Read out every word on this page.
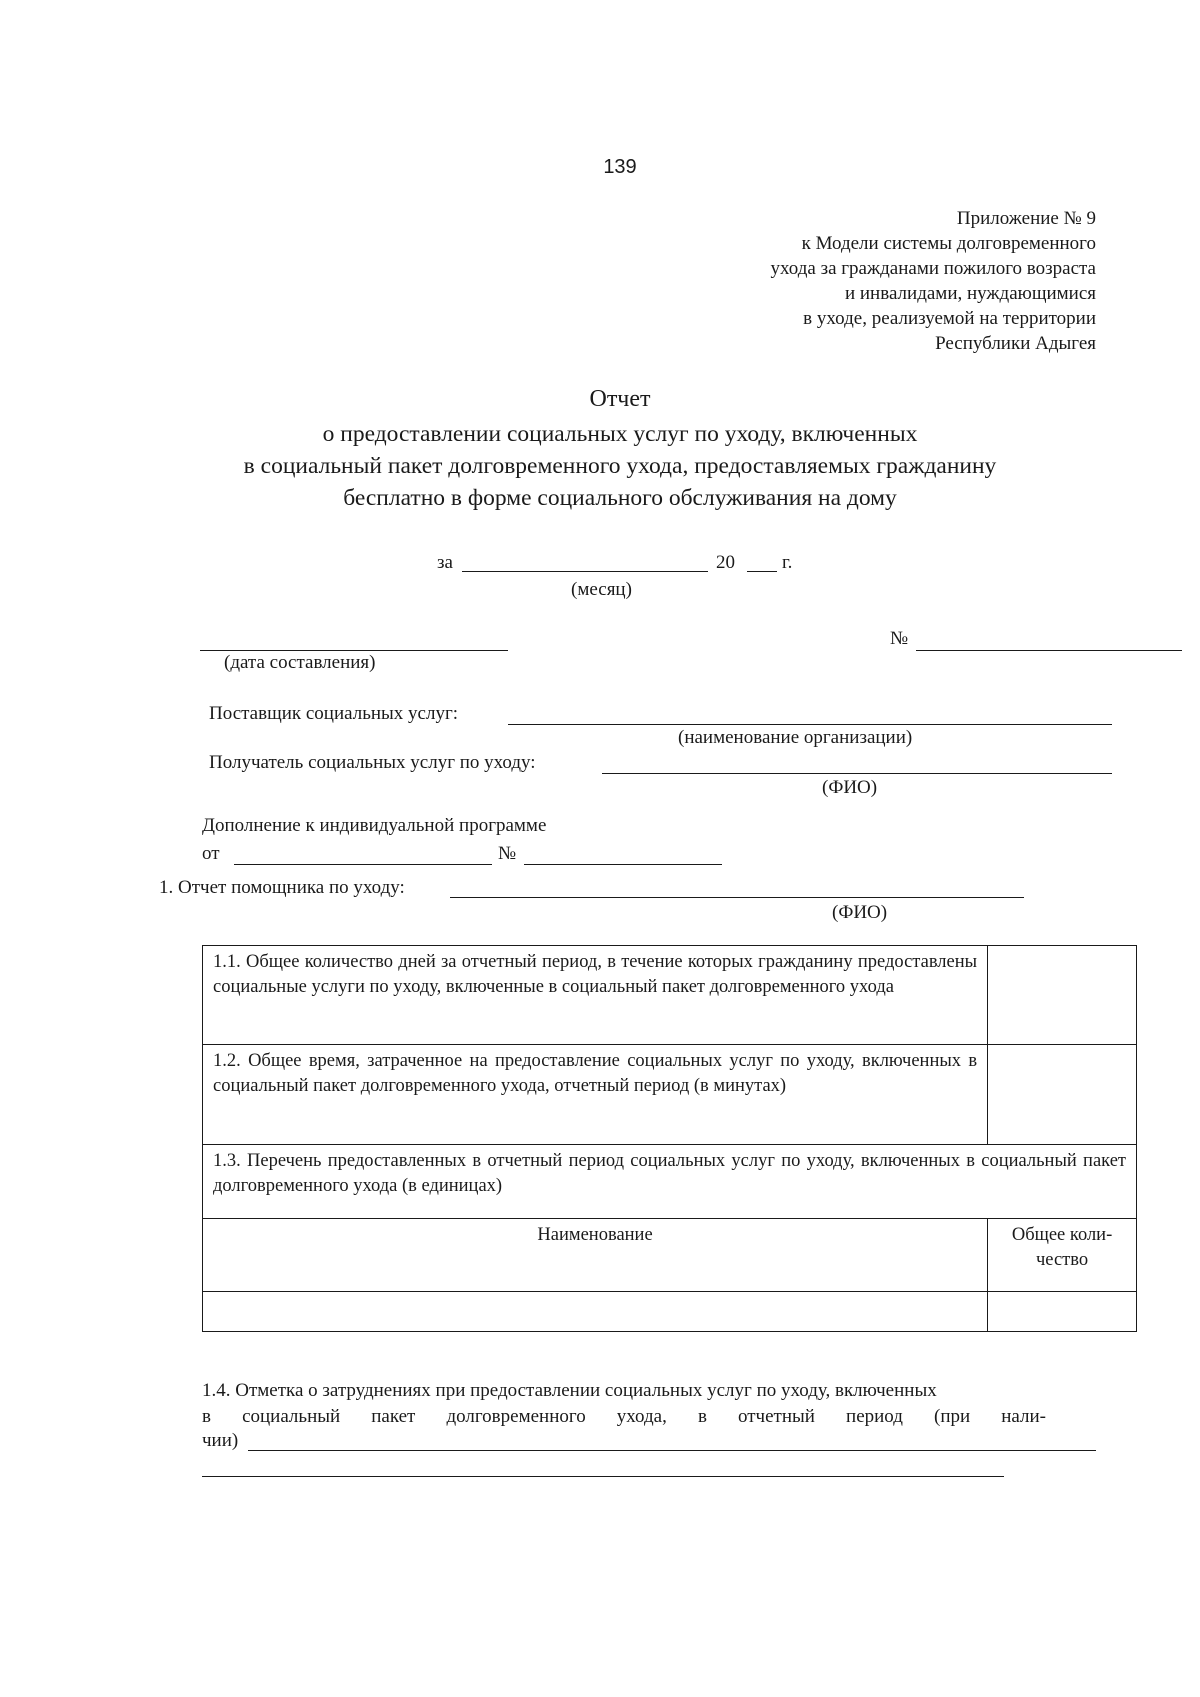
139
Приложение № 9
к Модели системы долговременного
ухода за гражданами пожилого возраста
и инвалидами, нуждающимися
в уходе, реализуемой на территории
Республики Адыгея
Отчет
о предоставлении социальных услуг по уходу, включенных
в социальный пакет долговременного ухода, предоставляемых гражданину
бесплатно в форме социального обслуживания на дому
за	20 г.
(месяц)
(дата составления)
№
Поставщик социальных услуг:
(наименование организации)
Получатель социальных услуг по уходу:
(ФИО)
Дополнение к индивидуальной программе
от	№
1. Отчет помощника по уходу:
(ФИО)
1.1. Общее количество дней за отчетный период, в течение которых гражданину предоставлены социальные услуги по уходу, включенные в социальный пакет долговременного ухода	
1.2. Общее время, затраченное на предоставление социальных услуг по уходу, включенных в социальный пакет долговременного ухода, отчетный период (в минутах)	
1.3. Перечень предоставленных в отчетный период социальных услуг по уходу, включенных в социальный пакет долговременного ухода (в единицах)	
Наименование	Общее коли-
чество

1.4. Отметка о затруднениях при предоставлении социальных услуг по уходу, включенных
в социальный пакет долговременного ухода, в отчетный период (при нали-
чии)
